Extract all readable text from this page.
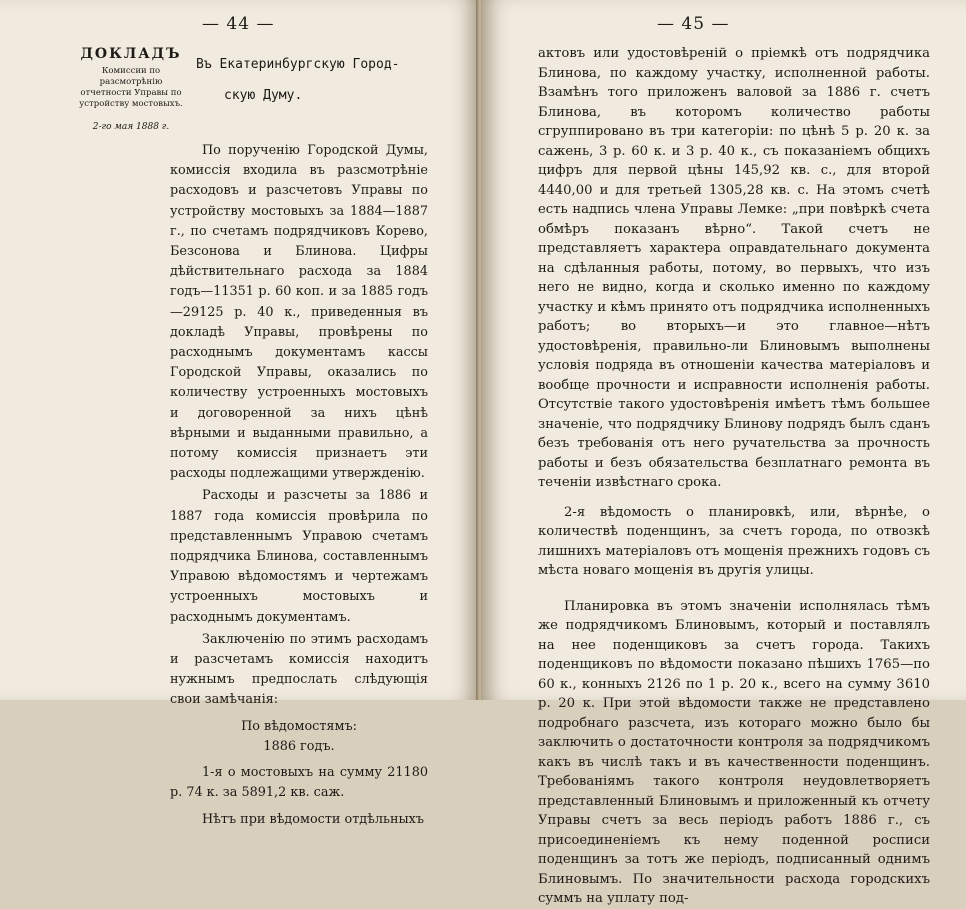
— 44 —
ДОКЛАДЪ
Комиссии по разсмотрѣнію отчетности Управы по устройству мостовыхъ.
2-го мая 1888 г.
Въ Екатеринбургскую Город-
скую Думу.

По порученію Городской Думы, комиссія входила въ разсмотрѣніе расходовъ и разсчетовъ Управы по устройству мостовыхъ за 1884—1887 г., по счетамъ подрядчиковъ Корево, Безсонова и Блинова. Цифры дѣйствительнаго расхода за 1884 годъ—11351 р. 60 коп. и за 1885 годъ—29125 р. 40 к., приведенныя въ докладѣ Управы, провѣрены по расходнымъ документамъ кассы Городской Управы, оказались по количеству устроенныхъ мостовыхъ и договоренной за нихъ цѣнѣ вѣрными и выданными правильно, а потому комиссія признаетъ эти расходы подлежащими утвержденію.

Расходы и разсчеты за 1886 и 1887 года комиссія провѣрила по представленнымъ Управою счетамъ подрядчика Блинова, составленнымъ Управою вѣдомостямъ и чертежамъ устроенныхъ мостовыхъ и расходнымъ документамъ.

Заключенію по этимъ расходамъ и разсчетамъ комиссія находитъ нужнымъ предпослать слѣдующія свои замѣчанія:

По вѣдомостямъ:

1886 годъ.

1-я о мостовыхъ на сумму 21180 р. 74 к. за 5891,2 кв. саж.

Нѣтъ при вѣдомости отдѣльныхъ

— 45 —

актовъ или удостовѣреній о пріемкѣ отъ подрядчика Блинова, по каждому участку, исполненной работы. Взамѣнъ того приложенъ валовой за 1886 г. счетъ Блинова, въ которомъ количество работы сгруппировано въ три категоріи: по цѣнѣ 5 р. 20 к. за сажень, 3 р. 60 к. и 3 р. 40 к., съ показаніемъ общихъ цифръ для первой цѣны 145,92 кв. с., для второй 4440,00 и для третьей 1305,28 кв. с. На этомъ счетѣ есть надпись члена Управы Лемке: „при повѣркѣ счета обмѣръ показанъ вѣрно“. Такой счетъ не представляетъ характера оправдательнаго документа на сдѣланныя работы, потому, во первыхъ, что изъ него не видно, когда и сколько именно по каждому участку и кѣмъ принято отъ подрядчика исполненныхъ работъ; во вторыхъ—и это главное—нѣтъ удостовѣренія, правильно-ли Блиновымъ выполнены условія подряда въ отношеніи качества матеріаловъ и вообще прочности и исправности исполненія работы. Отсутствіе такого удостовѣренія имѣетъ тѣмъ большее значеніе, что подрядчику Блинову подрядъ былъ сданъ безъ требованія отъ него ручательства за прочность работы и безъ обязательства безплатнаго ремонта въ теченіи извѣстнаго срока.

2-я вѣдомость о планировкѣ, или, вѣрнѣе, о количествѣ поденщинъ, за счетъ города, по отвозкѣ лишнихъ матеріаловъ отъ мощенія прежнихъ годовъ съ мѣста новаго мощенія въ другія улицы.

Планировка въ этомъ значеніи исполнялась тѣмъ же подрядчикомъ Блиновымъ, который и поставлялъ на нее поденщиковъ за счетъ города. Такихъ поденщиковъ по вѣдомости показано пѣшихъ 1765—по 60 к., конныхъ 2126 по 1 р. 20 к., всего на сумму 3610 р. 20 к. При этой вѣдомости также не представлено подробнаго разсчета, изъ котораго можно было бы заключить о достаточности контроля за подрядчикомъ какъ въ числѣ такъ и въ качественности поденщинъ. Требованіямъ такого контроля неудовлетворяетъ представленный Блиновымъ и приложенный къ отчету Управы счетъ за весь періодъ работъ 1886 г., съ присоединеніемъ къ нему поденной росписи поденщинъ за тотъ же періодъ, подписанный однимъ Блиновымъ. По значительности расхода городскихъ суммъ на уплату под-
